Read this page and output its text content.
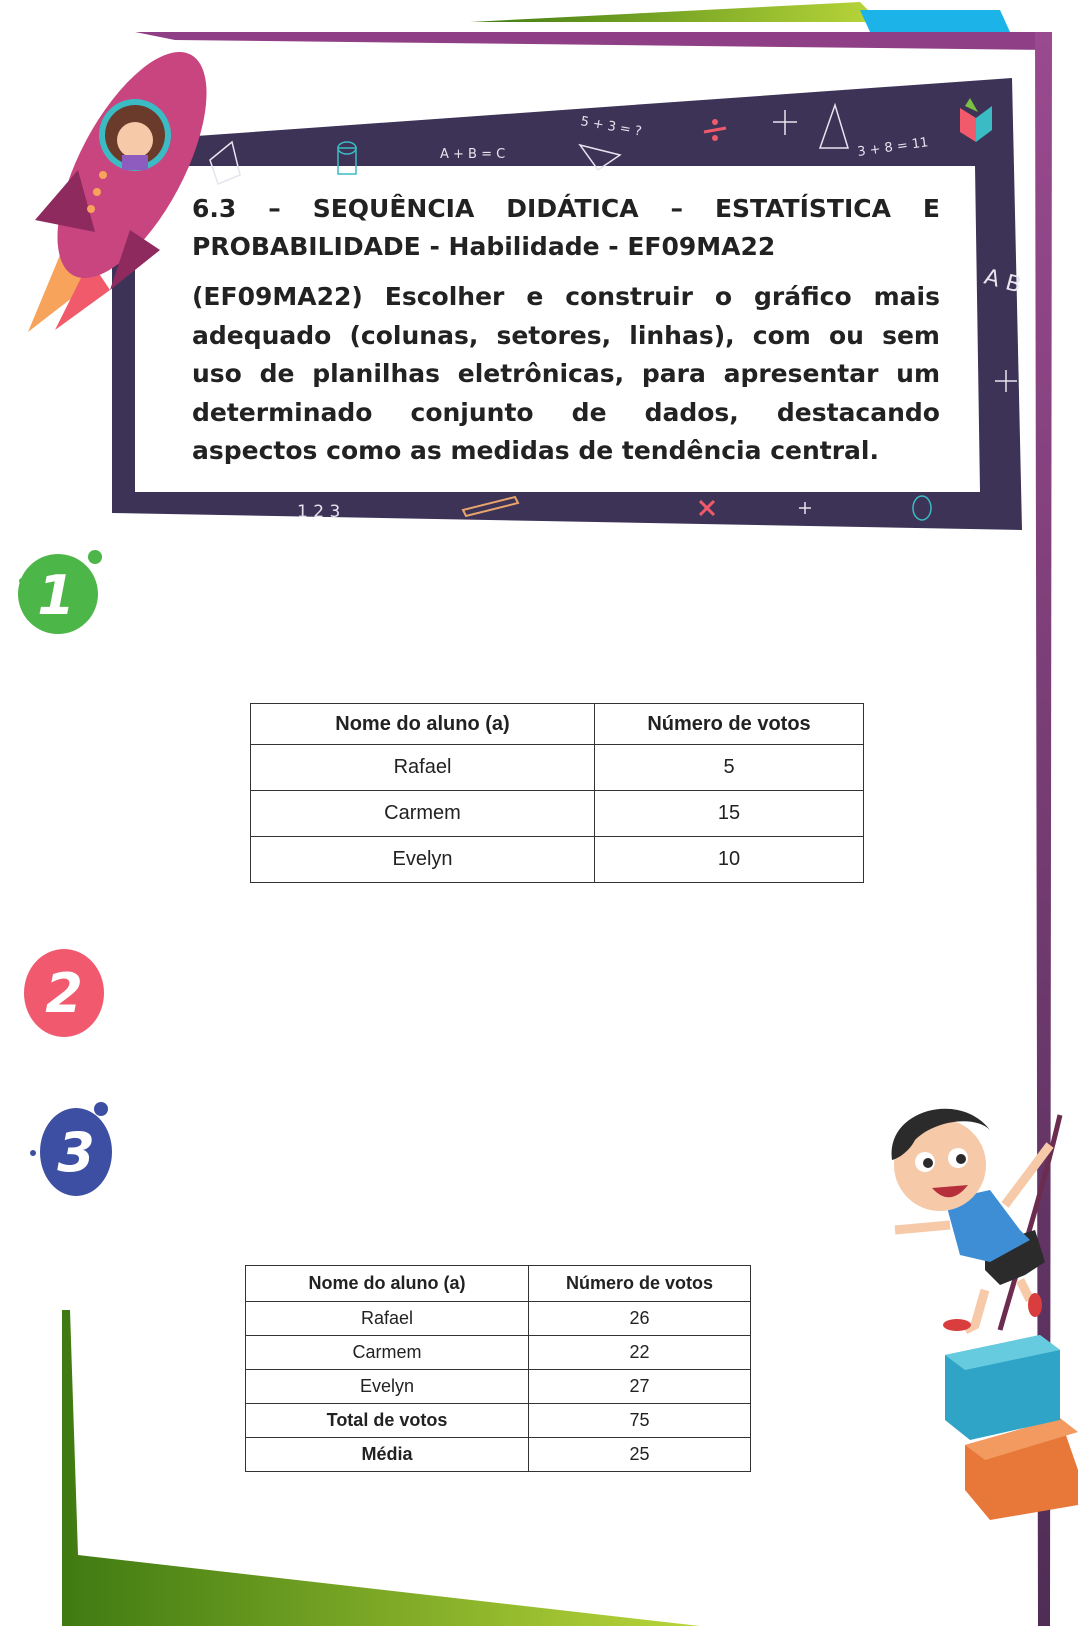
A + B = C
5 + 3 = ?
3 + 8 = 11
A B
1 2 3
1
2
3

6.3 – SEQUÊNCIA DIDÁTICA – ESTATÍSTICA E PROBABILIDADE - Habilidade - EF09MA22

(EF09MA22) Escolher e construir o gráfico mais adequado (colunas, setores, linhas), com ou sem uso de planilhas eletrônicas, para apresentar um determinado conjunto de dados, destacando aspectos como as medidas de tendência central.

Nome do aluno (a)	Número de votos
Rafael	5
Carmem	15
Evelyn	10
Nome do aluno (a)	Número de votos
Rafael	26
Carmem	22
Evelyn	27
Total de votos	75
Média	25
